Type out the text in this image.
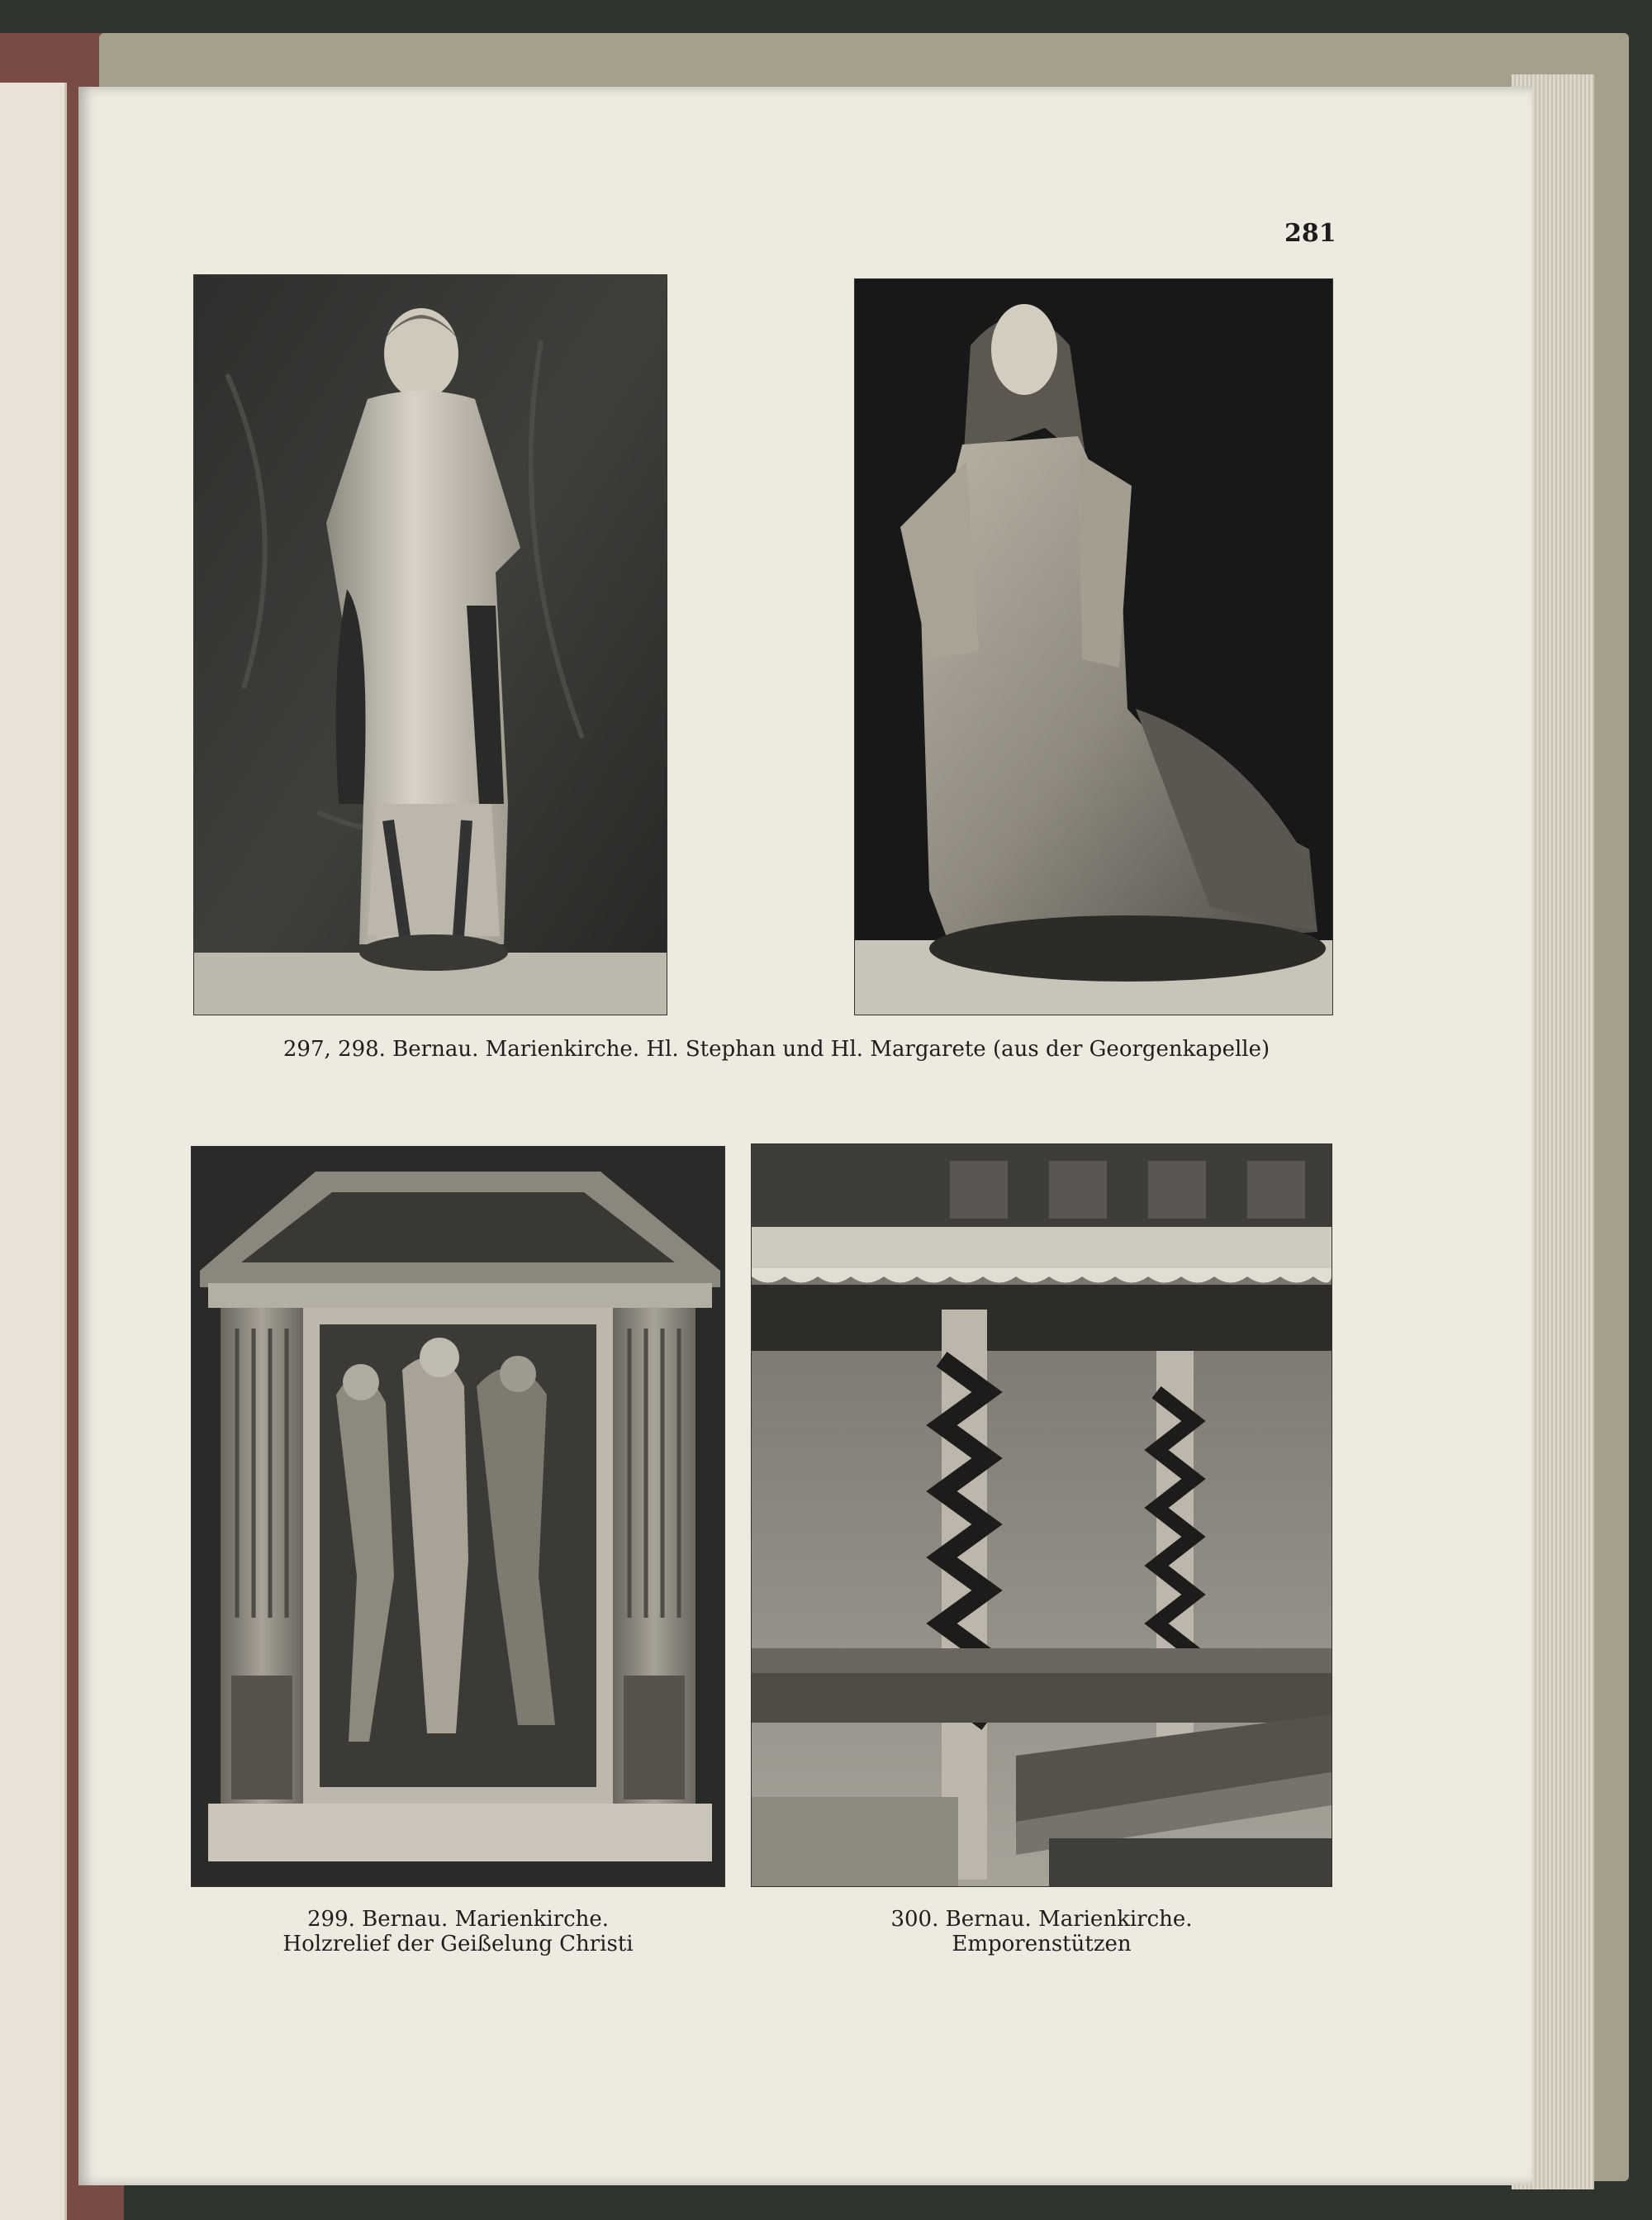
281
297, 298. Bernau. Marienkirche. Hl. Stephan und Hl. Margarete (aus der Georgenkapelle)
299. Bernau. Marienkirche.
Holzrelief der Geißelung Christi
300. Bernau. Marienkirche.
Emporenstützen
